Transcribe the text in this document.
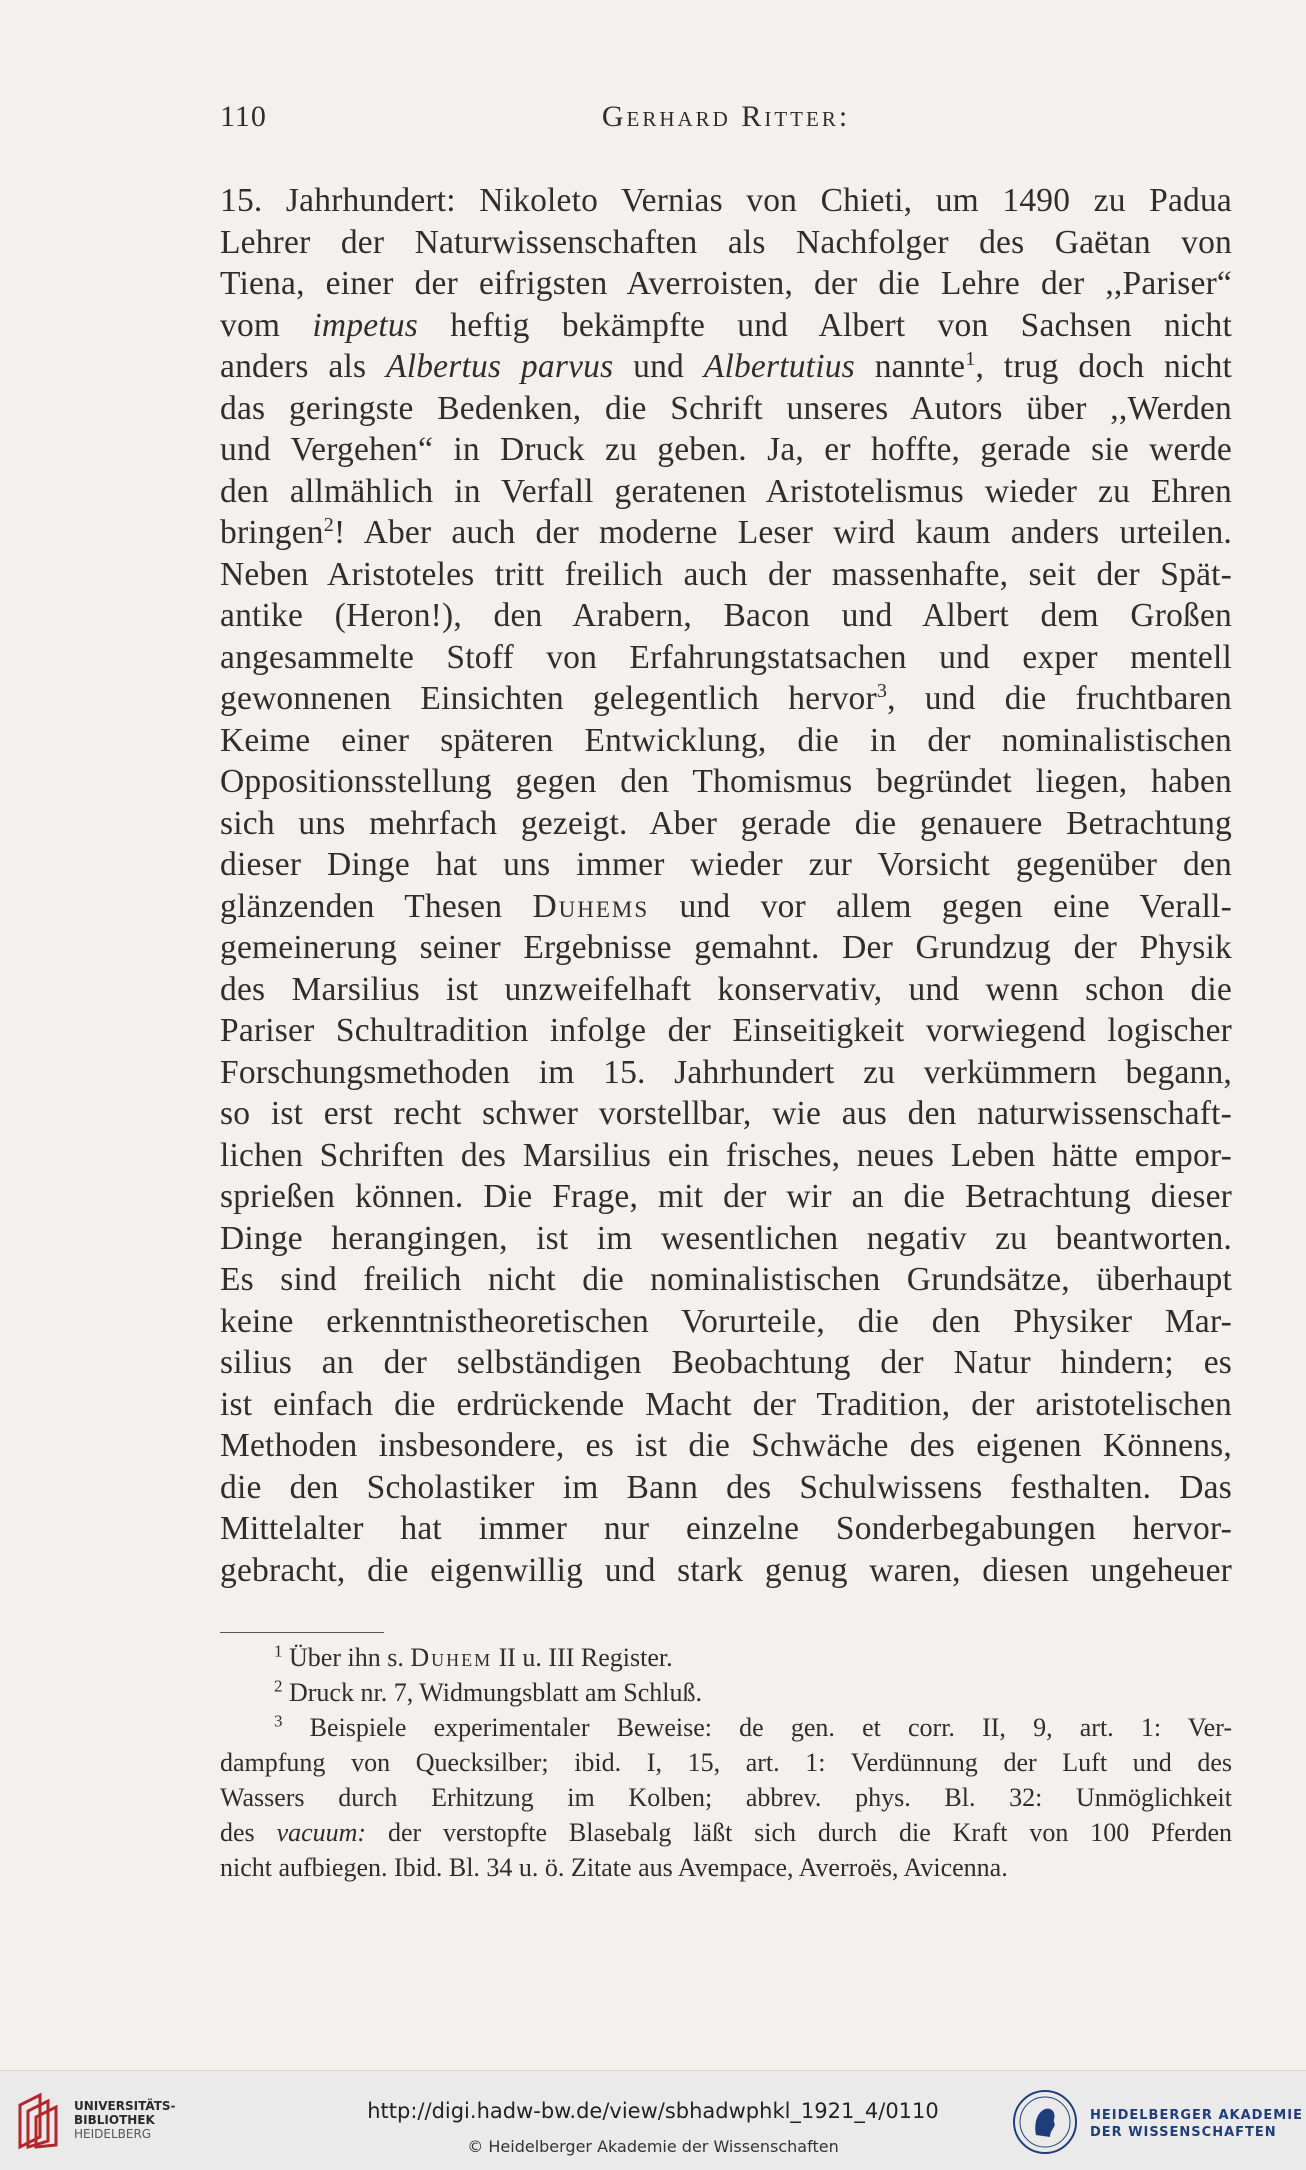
110	Gerhard Ritter:
15. Jahrhundert: Nikoleto Vernias von Chieti, um 1490 zu Padua
Lehrer der Naturwissenschaften als Nachfolger des Gaëtan von
Tiena, einer der eifrigsten Averroisten, der die Lehre der ,,Pariser“
vom impetus heftig bekämpfte und Albert von Sachsen nicht
anders als Albertus parvus und Albertutius nannte$^1$, trug doch nicht
das geringste Bedenken, die Schrift unseres Autors über ,,Werden
und Vergehen“ in Druck zu geben. Ja, er hoffte, gerade sie werde
den allmählich in Verfall geratenen Aristotelismus wieder zu Ehren
bringen$^2$! Aber auch der moderne Leser wird kaum anders urteilen.
Neben Aristoteles tritt freilich auch der massenhafte, seit der Spät-
antike (Heron!), den Arabern, Bacon und Albert dem Großen
angesammelte Stoff von Erfahrungstatsachen und exper mentell
gewonnenen Einsichten gelegentlich hervor$^3$, und die fruchtbaren
Keime einer späteren Entwicklung, die in der nominalistischen
Oppositionsstellung gegen den Thomismus begründet liegen, haben
sich uns mehrfach gezeigt. Aber gerade die genauere Betrachtung
dieser Dinge hat uns immer wieder zur Vorsicht gegenüber den
glänzenden Thesen Duhems und vor allem gegen eine Verall-
gemeinerung seiner Ergebnisse gemahnt. Der Grundzug der Physik
des Marsilius ist unzweifelhaft konservativ, und wenn schon die
Pariser Schultradition infolge der Einseitigkeit vorwiegend logischer
Forschungsmethoden im 15. Jahrhundert zu verkümmern begann,
so ist erst recht schwer vorstellbar, wie aus den naturwissenschaft-
lichen Schriften des Marsilius ein frisches, neues Leben hätte empor-
sprießen können. Die Frage, mit der wir an die Betrachtung dieser
Dinge herangingen, ist im wesentlichen negativ zu beantworten.
Es sind freilich nicht die nominalistischen Grundsätze, überhaupt
keine erkenntnistheoretischen Vorurteile, die den Physiker Mar-
silius an der selbständigen Beobachtung der Natur hindern; es
ist einfach die erdrückende Macht der Tradition, der aristotelischen
Methoden insbesondere, es ist die Schwäche des eigenen Könnens,
die den Scholastiker im Bann des Schulwissens festhalten. Das
Mittelalter hat immer nur einzelne Sonderbegabungen hervor-
gebracht, die eigenwillig und stark genug waren, diesen ungeheuer
$^1$ Über ihn s. Duhem II u. III Register.
$^2$ Druck nr. 7, Widmungsblatt am Schluß.
$^3$ Beispiele experimentaler Beweise: de gen. et corr. II, 9, art. 1: Ver-
dampfung von Quecksilber; ibid. I, 15, art. 1: Verdünnung der Luft und des
Wassers durch Erhitzung im Kolben; abbrev. phys. Bl. 32: Unmöglichkeit
des vacuum: der verstopfte Blasebalg läßt sich durch die Kraft von 100 Pferden
nicht aufbiegen. Ibid. Bl. 34 u. ö. Zitate aus Avempace, Averroës, Avicenna.
UNIVERSITÄTS-
BIBLIOTHEK
HEIDELBERG
http://digi.hadw-bw.de/view/sbhadwphkl_1921_4/0110
© Heidelberger Akademie der Wissenschaften
HEIDELBERGER AKADEMIE
DER WISSENSCHAFTEN
